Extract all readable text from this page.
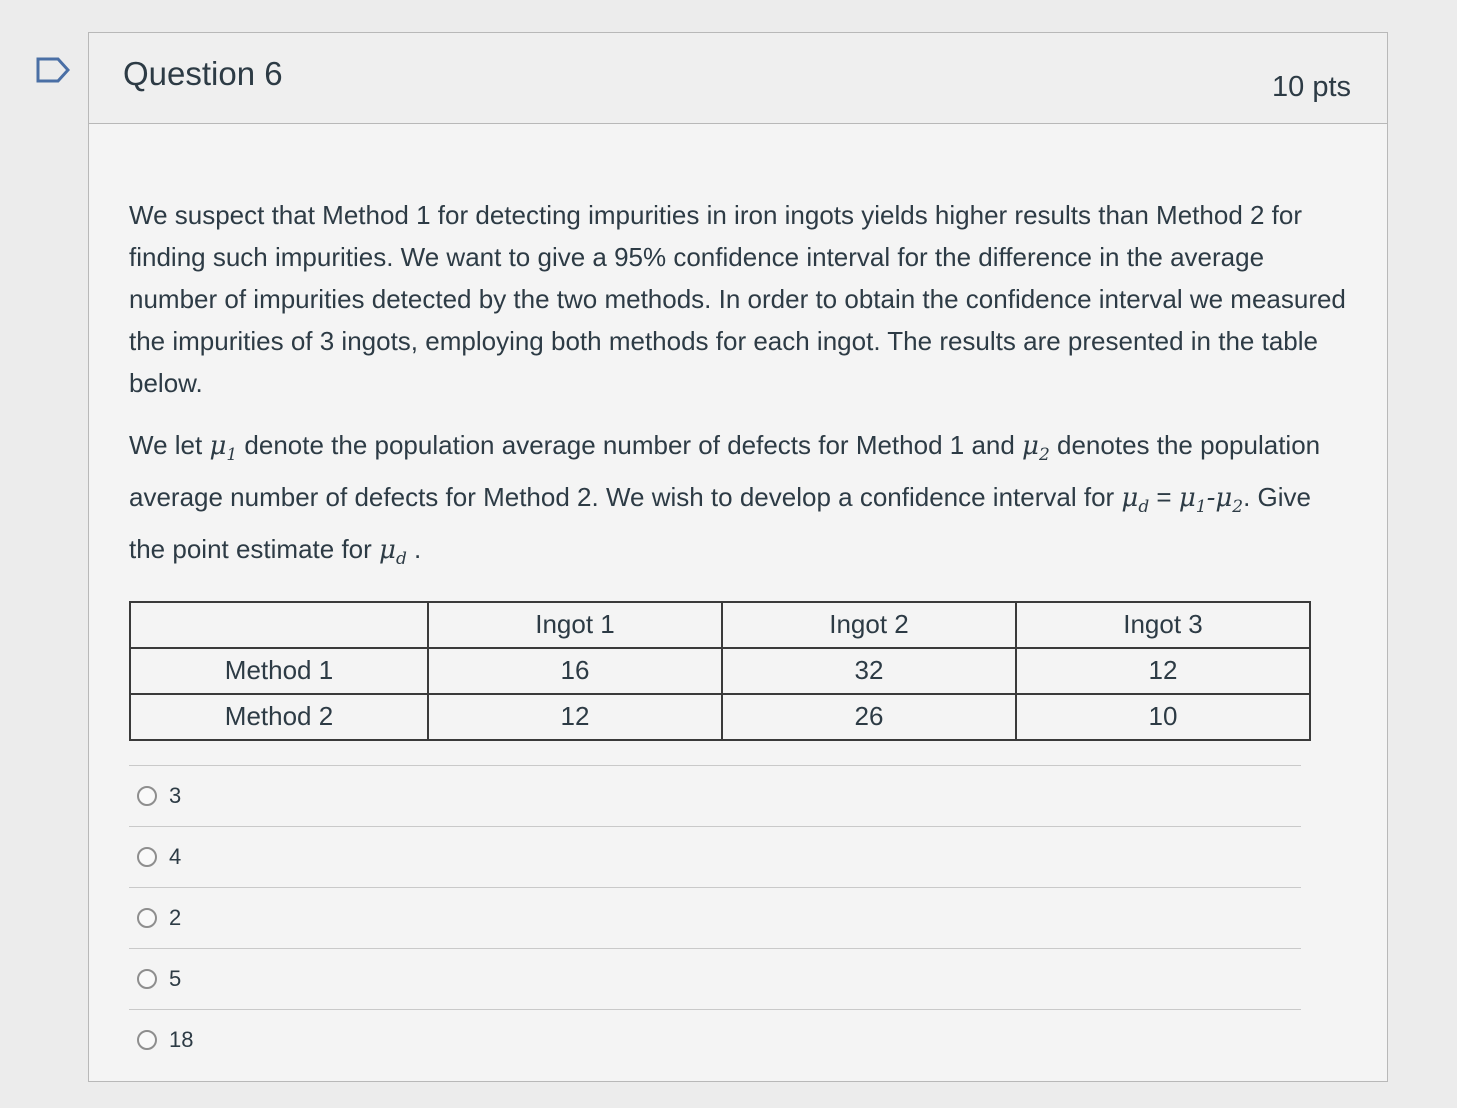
Question 6	10 pts

We suspect that Method 1 for detecting impurities in iron ingots yields higher results than Method 2 for finding such impurities. We want to give a 95% confidence interval for the difference in the average number of impurities detected by the two methods. In order to obtain the confidence interval we measured the impurities of 3 ingots, employing both methods for each ingot. The results are presented in the table below.

We let $\mu_1$ denote the population average number of defects for Method 1 and $\mu_2$ denotes the population average number of defects for Method 2. We wish to develop a confidence interval for $\mu_d = \mu_1-\mu_2$. Give the point estimate for $\mu_d$ .

	Ingot 1	Ingot 2	Ingot 3
Method 1	16	32	12
Method 2	12	26	10
3
4
2
5
18
